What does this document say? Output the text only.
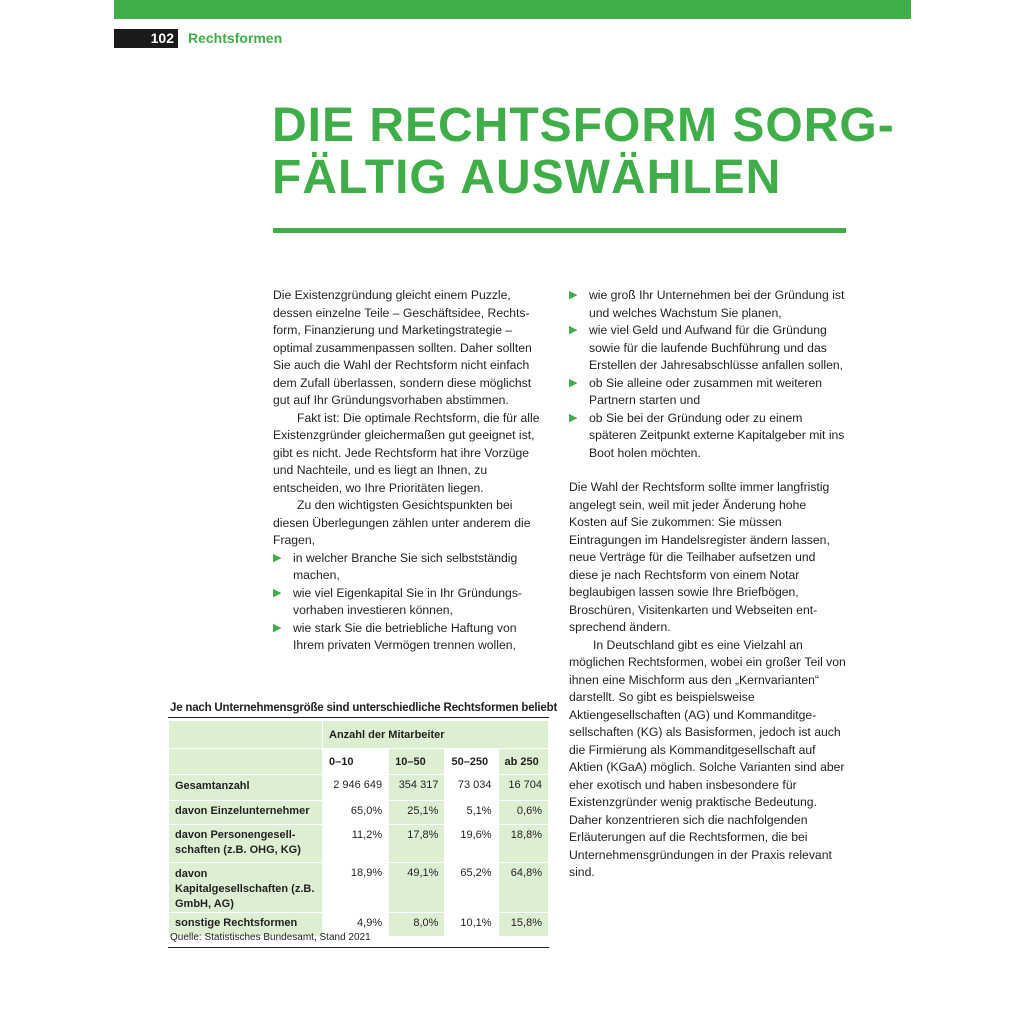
102 Rechtsformen
DIE RECHTSFORM SORG-
FÄLTIG AUSWÄHLEN

Die Existenzgründung gleicht einem Puzzle, dessen einzelne Teile – Geschäftsidee, Rechtsform, Finanzierung und Marketingstrategie – optimal zusammenpassen sollten. Daher sollten Sie auch die Wahl der Rechtsform nicht einfach dem Zufall überlassen, sondern diese möglichst gut auf Ihr Gründungsvorhaben abstimmen.

Fakt ist: Die optimale Rechtsform, die für alle Existenzgründer gleichermaßen gut geeignet ist, gibt es nicht. Jede Rechtsform hat ihre Vorzüge und Nachteile, und es liegt an Ihnen, zu entscheiden, wo Ihre Prioritäten liegen.

Zu den wichtigsten Gesichtspunkten bei diesen Überlegungen zählen unter anderem die Fragen,

▶ in welcher Branche Sie sich selbstständig machen,
▶ wie viel Eigenkapital Sie in Ihr Gründungsvorhaben investieren können,
▶ wie stark Sie die betriebliche Haftung von Ihrem privaten Vermögen trennen wollen,
▶ wie groß Ihr Unternehmen bei der Gründung ist und welches Wachstum Sie planen,
▶ wie viel Geld und Aufwand für die Gründung sowie für die laufende Buchführung und das Erstellen der Jahresabschlüsse anfallen sollen,
▶ ob Sie alleine oder zusammen mit weiteren Partnern starten und
▶ ob Sie bei der Gründung oder zu einem späteren Zeitpunkt externe Kapitalgeber mit ins Boot holen möchten.

Die Wahl der Rechtsform sollte immer langfristig angelegt sein, weil mit jeder Änderung hohe Kosten auf Sie zukommen: Sie müssen Eintragungen im Handelsregister ändern lassen, neue Verträge für die Teilhaber aufsetzen und diese je nach Rechtsform von einem Notar beglaubigen lassen sowie Ihre Briefbögen, Broschüren, Visitenkarten und Webseiten entsprechend ändern.

In Deutschland gibt es eine Vielzahl an möglichen Rechtsformen, wobei ein großer Teil von ihnen eine Mischform aus den „Kernvarianten“ darstellt. So gibt es beispielsweise Aktiengesellschaften (AG) und Kommanditgesellschaften (KG) als Basisformen, jedoch ist auch die Firmierung als Kommanditgesellschaft auf Aktien (KGaA) möglich. Solche Varianten sind aber eher exotisch und haben insbesondere für Existenzgründer wenig praktische Bedeutung. Daher konzentrieren sich die nachfolgenden Erläuterungen auf die Rechtsformen, die bei Unternehmensgründungen in der Praxis relevant sind.

Je nach Unternehmensgröße sind unterschiedliche Rechtsformen beliebt
	Anzahl der Mitarbeiter			
	0–10	10–50	50–250	ab 250
Gesamtanzahl	2 946 649	354 317	73 034	16 704
davon Einzelunternehmer	65,0%	25,1%	5,1%	0,6%
davon Personengesellschaften (z.B. OHG, KG)	11,2%	17,8%	19,6%	18,8%
davon Kapitalgesellschaften (z.B. GmbH, AG)	18,9%	49,1%	65,2%	64,8%
sonstige Rechtsformen	4,9%	8,0%	10,1%	15,8%
Quelle: Statistisches Bundesamt, Stand 2021
